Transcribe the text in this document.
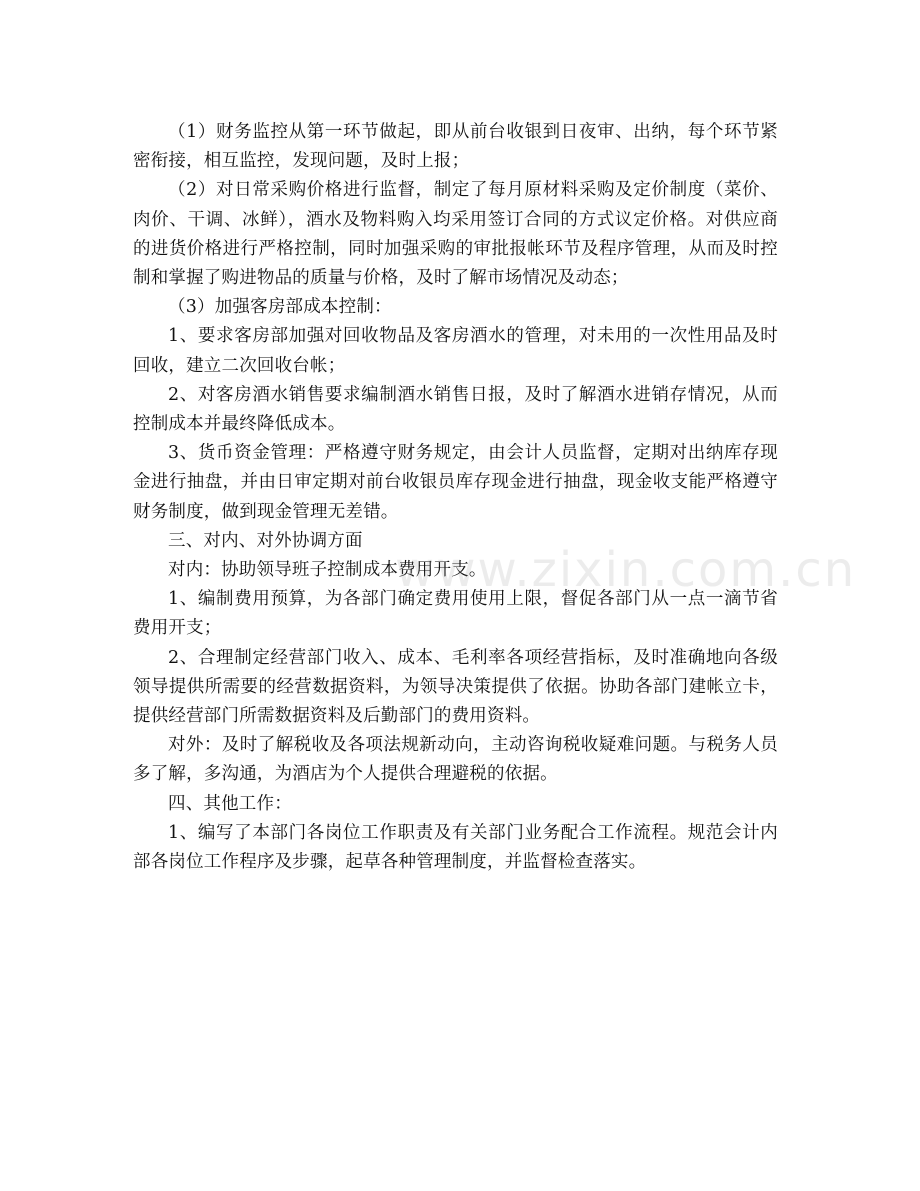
（1）财务监控从第一环节做起，即从前台收银到日夜审、出纳，每个环节紧密衔接，相互监控，发现问题，及时上报；

（2）对日常采购价格进行监督，制定了每月原材料采购及定价制度（菜价、肉价、干调、冰鲜），酒水及物料购入均采用签订合同的方式议定价格。对供应商的进货价格进行严格控制，同时加强采购的审批报帐环节及程序管理，从而及时控制和掌握了购进物品的质量与价格，及时了解市场情况及动态；

（3）加强客房部成本控制：

1、要求客房部加强对回收物品及客房酒水的管理，对未用的一次性用品及时回收，建立二次回收台帐；

2、对客房酒水销售要求编制酒水销售日报，及时了解酒水进销存情况，从而控制成本并最终降低成本。

3、货币资金管理：严格遵守财务规定，由会计人员监督，定期对出纳库存现金进行抽盘，并由日审定期对前台收银员库存现金进行抽盘，现金收支能严格遵守财务制度，做到现金管理无差错。

三、对内、对外协调方面

对内：协助领导班子控制成本费用开支。

1、编制费用预算，为各部门确定费用使用上限，督促各部门从一点一滴节省费用开支；

2、合理制定经营部门收入、成本、毛利率各项经营指标，及时准确地向各级领导提供所需要的经营数据资料，为领导决策提供了依据。协助各部门建帐立卡，提供经营部门所需数据资料及后勤部门的费用资料。

对外：及时了解税收及各项法规新动向，主动咨询税收疑难问题。与税务人员多了解，多沟通，为酒店为个人提供合理避税的依据。

四、其他工作：

1、编写了本部门各岗位工作职责及有关部门业务配合工作流程。规范会计内部各岗位工作程序及步骤，起草各种管理制度，并监督检查落实。

www.zixin.com.cn
